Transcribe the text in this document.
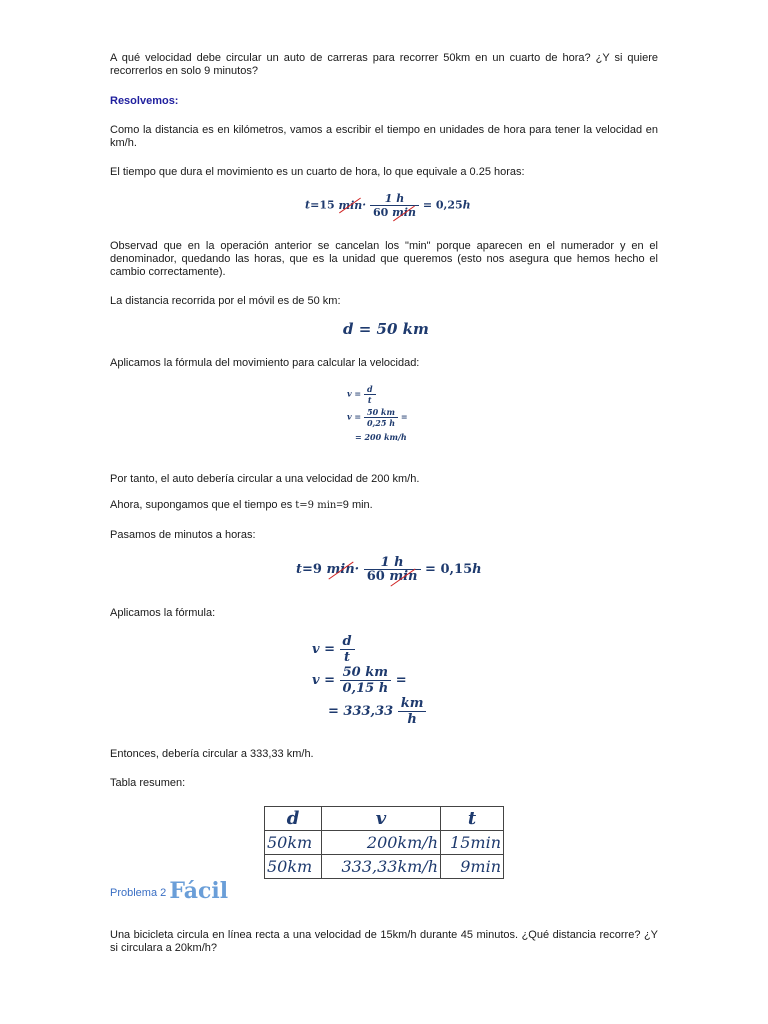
A qué velocidad debe circular un auto de carreras para recorrer 50km en un cuarto de hora? ¿Y si quiere recorrerlos en solo 9 minutos?

Resolvemos:

Como la distancia es en kilómetros, vamos a escribir el tiempo en unidades de hora para tener la velocidad en km/h.

El tiempo que dura el movimiento es un cuarto de hora, lo que equivale a 0.25 horas:

t=15 $\min\cdot \frac{1 h}{60 \min} = 0,25h$

Observad que en la operación anterior se cancelan los "min" porque aparecen en el numerador y en el denominador, quedando las horas, que es la unidad que queremos (esto nos asegura que hemos hecho el cambio correctamente).

La distancia recorrida por el móvil es de 50 km:

d = 50 km

Aplicamos la fórmula del movimiento para calcular la velocidad:

$v = \frac{d}{t}$
$v = \frac{50 km}{0,25 h}$ =
= 200 km/h

Por tanto, el auto debería circular a una velocidad de 200 km/h.

Ahora, supongamos que el tiempo es t=9 min=9 min.

Pasamos de minutos a horas:

t=9 $\min\cdot \frac{1 h}{60 \min} = 0,15h$

Aplicamos la fórmula:

$v = \frac{d}{t}$
$v = \frac{50 km}{0,15 h}$ =
= $333,33 \frac{km}{h}$

Entonces, debería circular a 333,33 km/h.

Tabla resumen:

d	v	t
50km	200km/h	15min
50km	333,33km/h	9min
Problema 2 Fácil

Una bicicleta circula en línea recta a una velocidad de 15km/h durante 45 minutos. ¿Qué distancia recorre? ¿Y si circulara a 20km/h?
